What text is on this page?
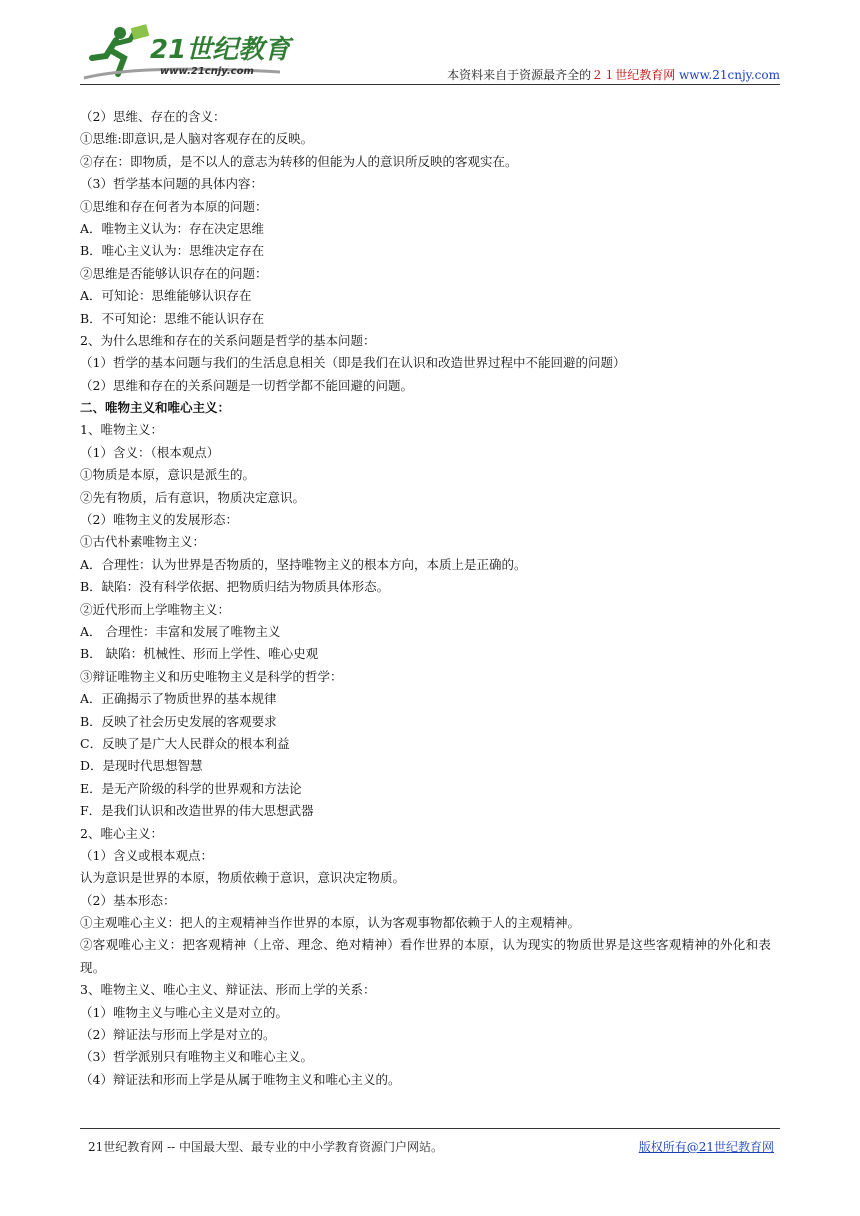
21世纪教育
www.21cnjy.com	本资料来自于资源最齐全的２１世纪教育网 www.21cnjy.com
（2）思维、存在的含义：
①思维:即意识,是人脑对客观存在的反映。
②存在：即物质，是不以人的意志为转移的但能为人的意识所反映的客观实在。
（3）哲学基本问题的具体内容：
①思维和存在何者为本原的问题：
A．唯物主义认为：存在决定思维
B．唯心主义认为：思维决定存在
②思维是否能够认识存在的问题：
A．可知论：思维能够认识存在
B．不可知论：思维不能认识存在
2、为什么思维和存在的关系问题是哲学的基本问题：
（1）哲学的基本问题与我们的生活息息相关（即是我们在认识和改造世界过程中不能回避的问题）
（2）思维和存在的关系问题是一切哲学都不能回避的问题。
二、唯物主义和唯心主义：
1、唯物主义：
（1）含义：（根本观点）
①物质是本原，意识是派生的。
②先有物质，后有意识，物质决定意识。
（2）唯物主义的发展形态：
①古代朴素唯物主义：
A．合理性：认为世界是否物质的，坚持唯物主义的根本方向，本质上是正确的。
B．缺陷：没有科学依据、把物质归结为物质具体形态。
②近代形而上学唯物主义：
A． 合理性：丰富和发展了唯物主义
B． 缺陷：机械性、形而上学性、唯心史观
③辩证唯物主义和历史唯物主义是科学的哲学：
A．正确揭示了物质世界的基本规律
B．反映了社会历史发展的客观要求
C．反映了是广大人民群众的根本利益
D．是现时代思想智慧
E．是无产阶级的科学的世界观和方法论
F．是我们认识和改造世界的伟大思想武器
2、唯心主义：
（1）含义或根本观点：
认为意识是世界的本原，物质依赖于意识，意识决定物质。
（2）基本形态：
①主观唯心主义：把人的主观精神当作世界的本原，认为客观事物都依赖于人的主观精神。
②客观唯心主义：把客观精神（上帝、理念、绝对精神）看作世界的本原，认为现实的物质世界是这些客观精神的外化和表现。
3、唯物主义、唯心主义、辩证法、形而上学的关系：
（1）唯物主义与唯心主义是对立的。
（2）辩证法与形而上学是对立的。
（3）哲学派别只有唯物主义和唯心主义。
（4）辩证法和形而上学是从属于唯物主义和唯心主义的。
21世纪教育网 -- 中国最大型、最专业的中小学教育资源门户网站。	版权所有@21世纪教育网
